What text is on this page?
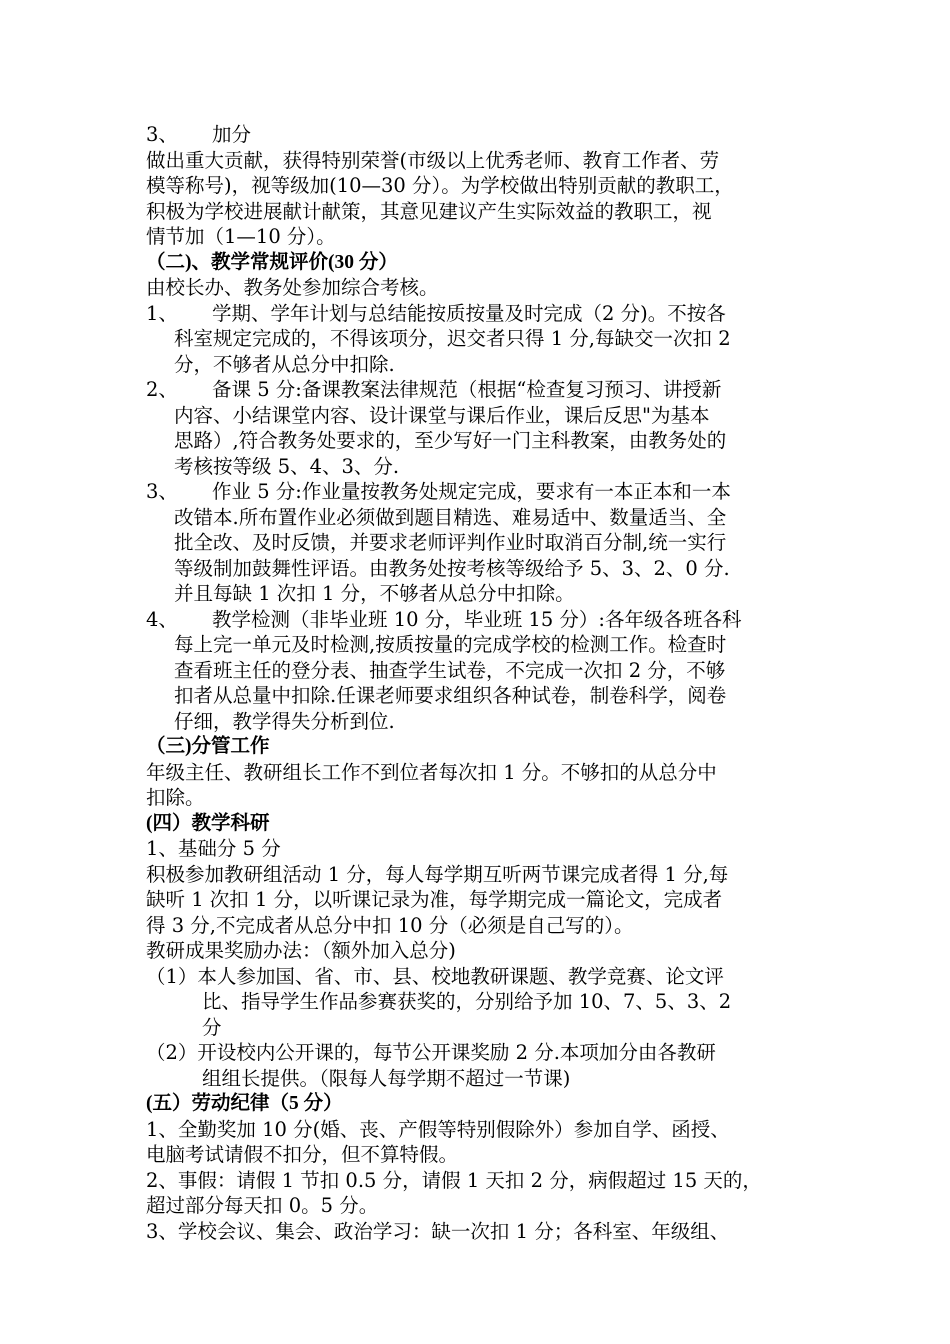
3、	加分
做出重大贡献，获得特别荣誉(市级以上优秀老师、教育工作者、劳
模等称号)，视等级加(10—30 分）。为学校做出特别贡献的教职工，
积极为学校进展献计献策，其意见建议产生实际效益的教职工，视
情节加（1—10 分）。
（二)、教学常规评价(30 分）
由校长办、教务处参加综合考核。
1、	学期、学年计划与总结能按质按量及时完成（2 分)。不按各
科室规定完成的，不得该项分，迟交者只得 1 分,每缺交一次扣 2
分，不够者从总分中扣除.
2、	备课 5 分:备课教案法律规范（根据“检查复习预习、讲授新
内容、小结课堂内容、设计课堂与课后作业，课后反思"为基本
思路）,符合教务处要求的，至少写好一门主科教案，由教务处的
考核按等级 5、4、3、分.
3、	作业 5 分:作业量按教务处规定完成，要求有一本正本和一本
改错本.所布置作业必须做到题目精选、难易适中、数量适当、全
批全改、及时反馈，并要求老师评判作业时取消百分制,统一实行
等级制加鼓舞性评语。由教务处按考核等级给予 5、3、2、0 分.
并且每缺 1 次扣 1 分，不够者从总分中扣除。
4、	教学检测（非毕业班 10 分，毕业班 15 分）:各年级各班各科
每上完一单元及时检测,按质按量的完成学校的检测工作。检查时
查看班主任的登分表、抽查学生试卷，不完成一次扣 2 分，不够
扣者从总量中扣除.任课老师要求组织各种试卷，制卷科学，阅卷
仔细，教学得失分析到位.
（三)分管工作
年级主任、教研组长工作不到位者每次扣 1 分。不够扣的从总分中
扣除。
(四）教学科研
1、基础分 5 分
积极参加教研组活动 1 分，每人每学期互听两节课完成者得 1 分,每
缺听 1 次扣 1 分，以听课记录为准，每学期完成一篇论文，完成者
得 3 分,不完成者从总分中扣 10 分（必须是自己写的）。
教研成果奖励办法：（额外加入总分)
（1）本人参加国、省、市、县、校地教研课题、教学竞赛、论文评
比、指导学生作品参赛获奖的，分别给予加 10、7、5、3、2
分
（2）开设校内公开课的，每节公开课奖励 2 分.本项加分由各教研
组组长提供。（限每人每学期不超过一节课)
(五）劳动纪律（5 分）
1、全勤奖加 10 分(婚、丧、产假等特别假除外）参加自学、函授、
电脑考试请假不扣分，但不算特假。
2、事假：请假 1 节扣 0.5 分，请假 1 天扣 2 分，病假超过 15 天的，
超过部分每天扣 0。5 分。
3、学校会议、集会、政治学习：缺一次扣 1 分；各科室、年级组、
